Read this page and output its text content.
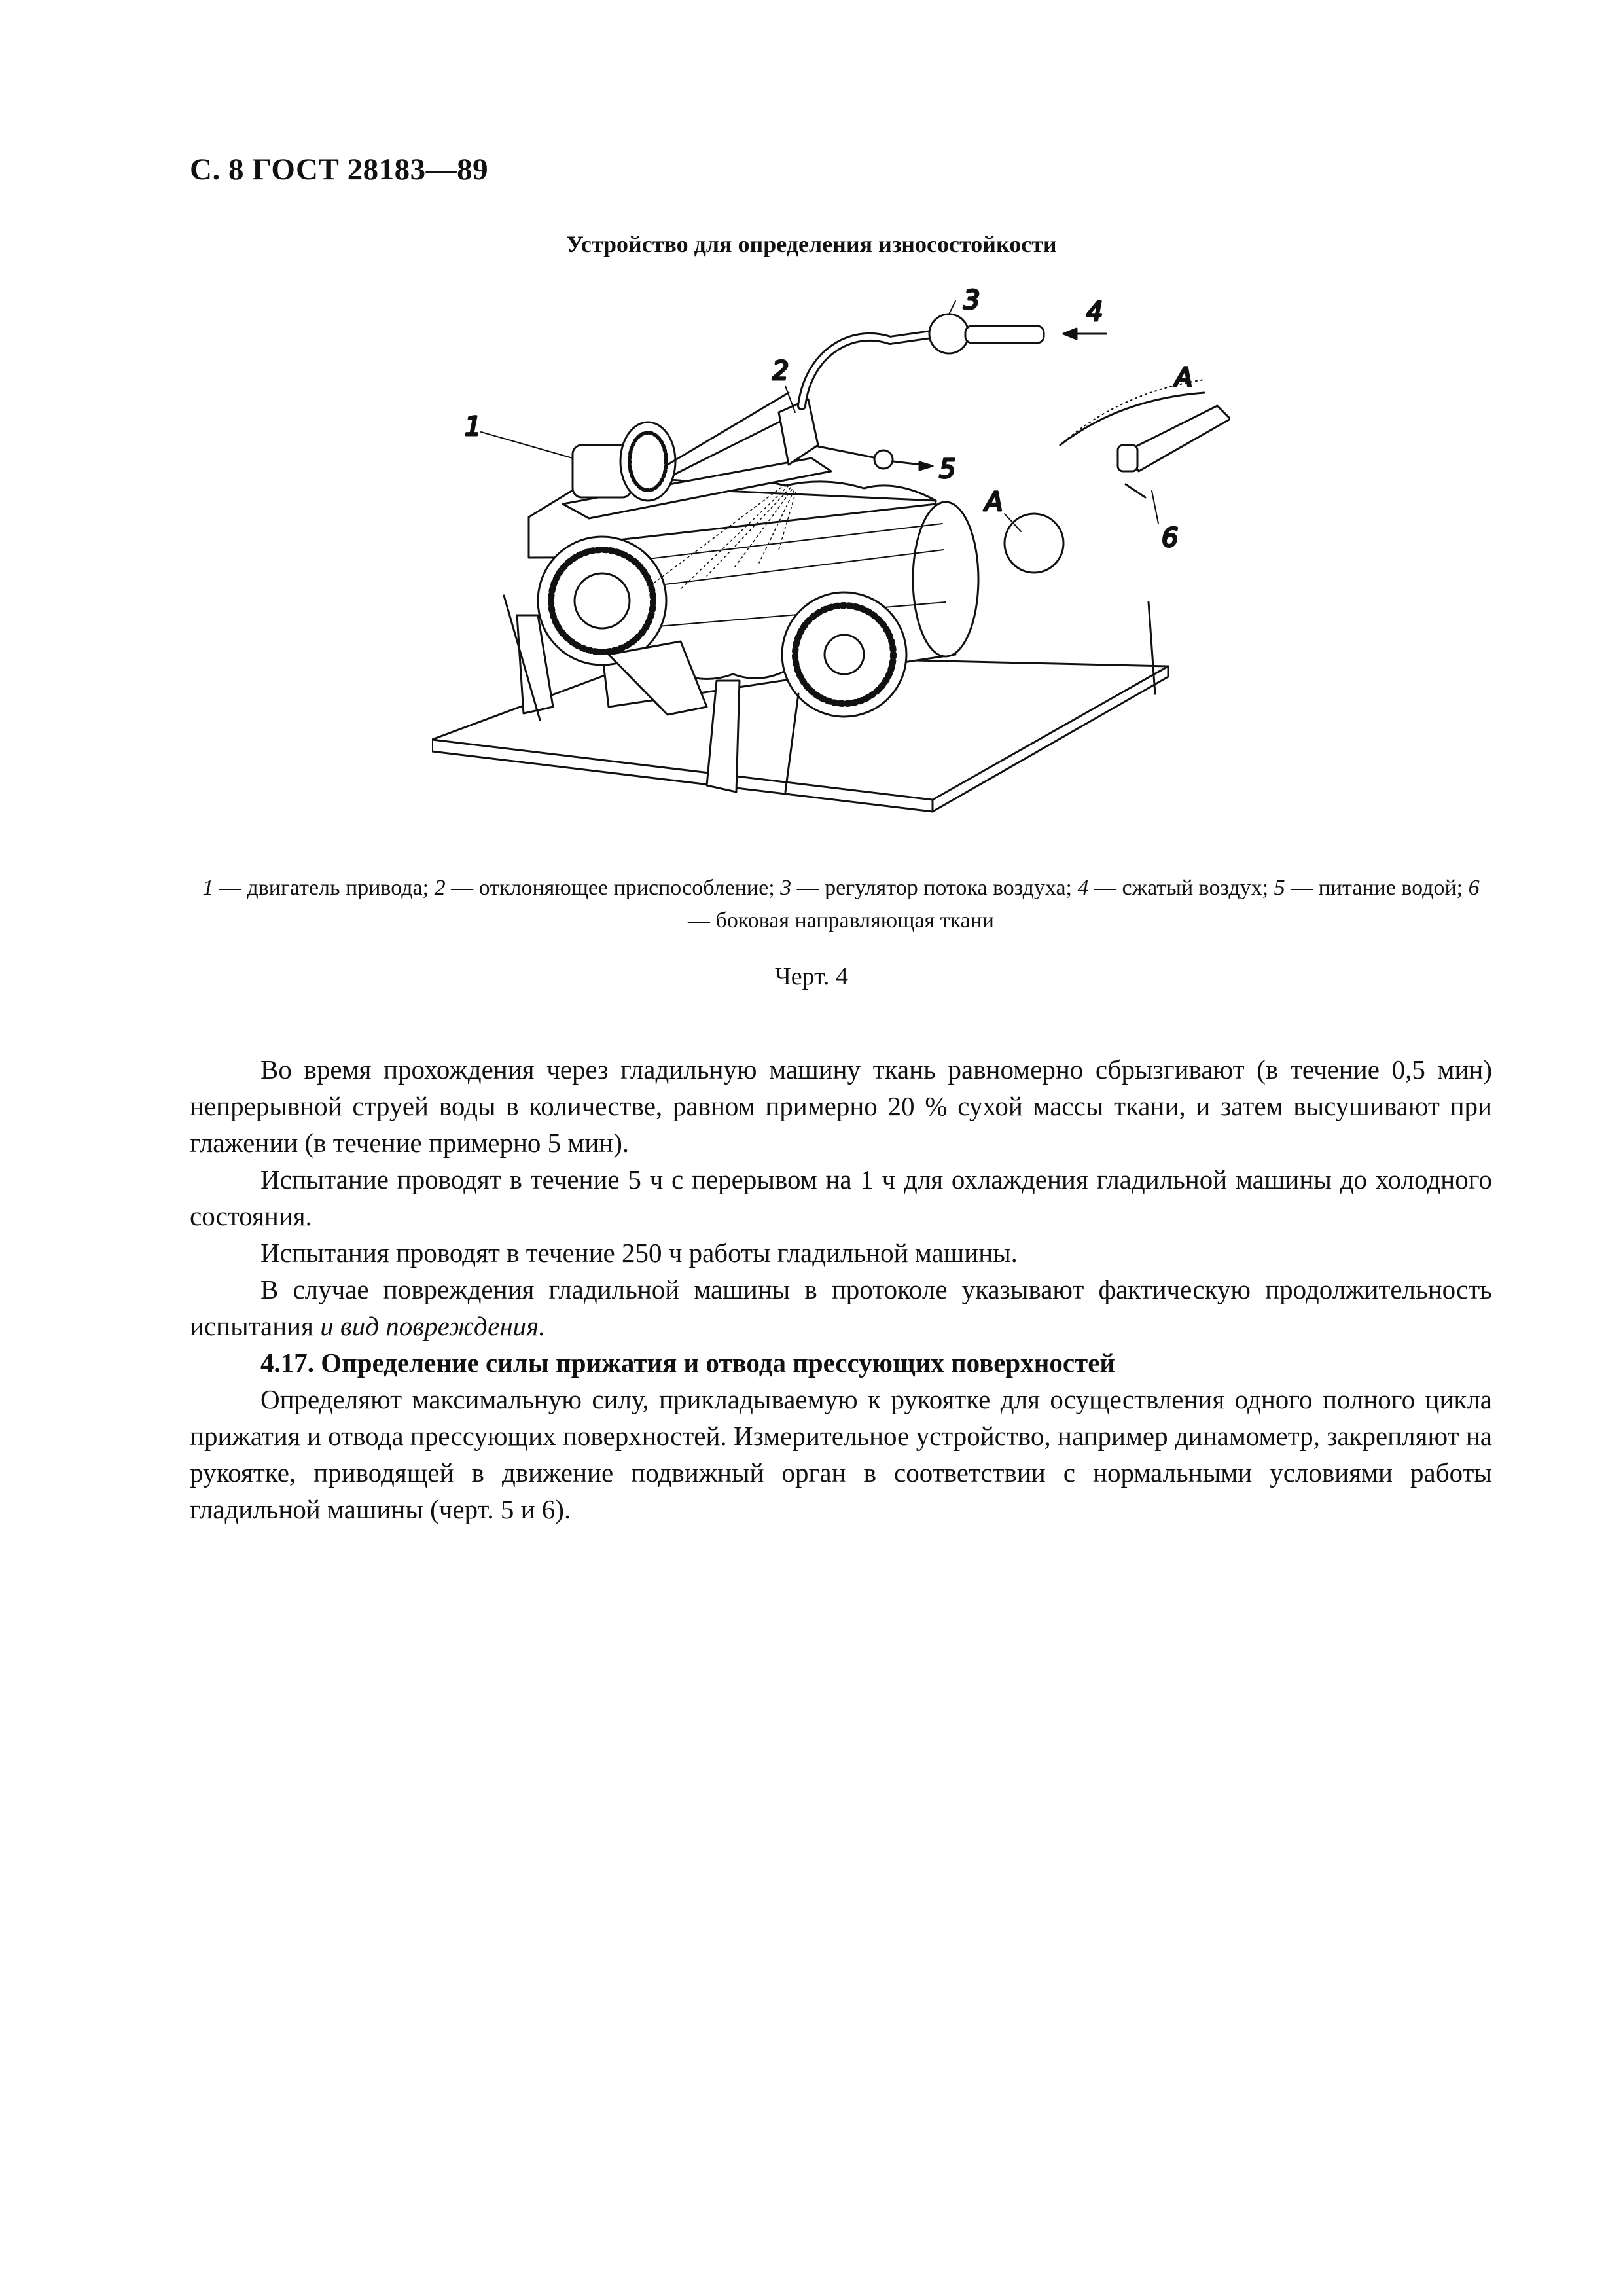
С. 8 ГОСТ 28183—89
Устройство для определения износостойкости
1
2
3	4
5
6
А
А
1 — двигатель привода; 2 — отклоняющее приспособление; 3 — регулятор потока воздуха; 4 — сжатый воздух; 5 — питание водой; 6 — боковая направляющая ткани
Черт. 4

Во время прохождения через гладильную машину ткань равномерно сбрызгивают (в течение 0,5 мин) непрерывной струей воды в количестве, равном примерно 20 % сухой массы ткани, и затем высушивают при глажении (в течение примерно 5 мин).

Испытание проводят в течение 5 ч с перерывом на 1 ч для охлаждения гладильной машины до холодного состояния.

Испытания проводят в течение 250 ч работы гладильной машины.

В случае повреждения гладильной машины в протоколе указывают фактическую продолжительность испытания и вид повреждения.

4.17. Определение силы прижатия и отвода прессующих поверхностей

Определяют максимальную силу, прикладываемую к рукоятке для осуществления одного полного цикла прижатия и отвода прессующих поверхностей. Измерительное устройство, например динамометр, закрепляют на рукоятке, приводящей в движение подвижный орган в соответствии с нормальными условиями работы гладильной машины (черт. 5 и 6).
